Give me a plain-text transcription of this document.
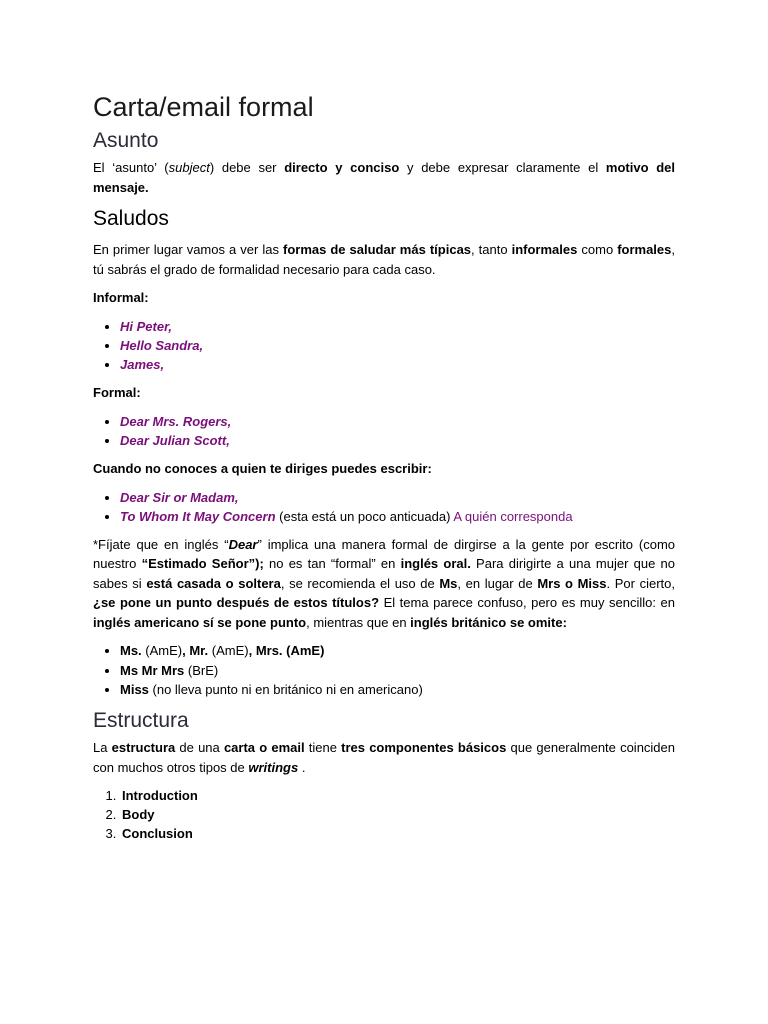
Carta/email formal
Asunto

El ‘asunto’ (subject) debe ser directo y conciso y debe expresar claramente el motivo del mensaje.

Saludos

En primer lugar vamos a ver las formas de saludar más típicas, tanto informales como formales, tú sabrás el grado de formalidad necesario para cada caso.

Informal:

• Hi Peter,
• Hello Sandra,
• James,

Formal:

• Dear Mrs. Rogers,
• Dear Julian Scott,

Cuando no conoces a quien te diriges puedes escribir:

• Dear Sir or Madam,
• To Whom It May Concern (esta está un poco anticuada) A quién corresponda

*Fíjate que en inglés “Dear” implica una manera formal de dirgirse a la gente por escrito (como nuestro “Estimado Señor”); no es tan “formal” en inglés oral. Para dirigirte a una mujer que no sabes si está casada o soltera, se recomienda el uso de Ms, en lugar de Mrs o Miss. Por cierto, ¿se pone un punto después de estos títulos? El tema parece confuso, pero es muy sencillo: en inglés americano sí se pone punto, mientras que en inglés británico se omite:

• Ms. (AmE), Mr. (AmE), Mrs. (AmE)
• Ms Mr Mrs (BrE)
• Miss (no lleva punto ni en británico ni en americano)
Estructura

La estructura de una carta o email tiene tres componentes básicos que generalmente coinciden con muchos otros tipos de writings .

1. Introduction
2. Body
3. Conclusion
